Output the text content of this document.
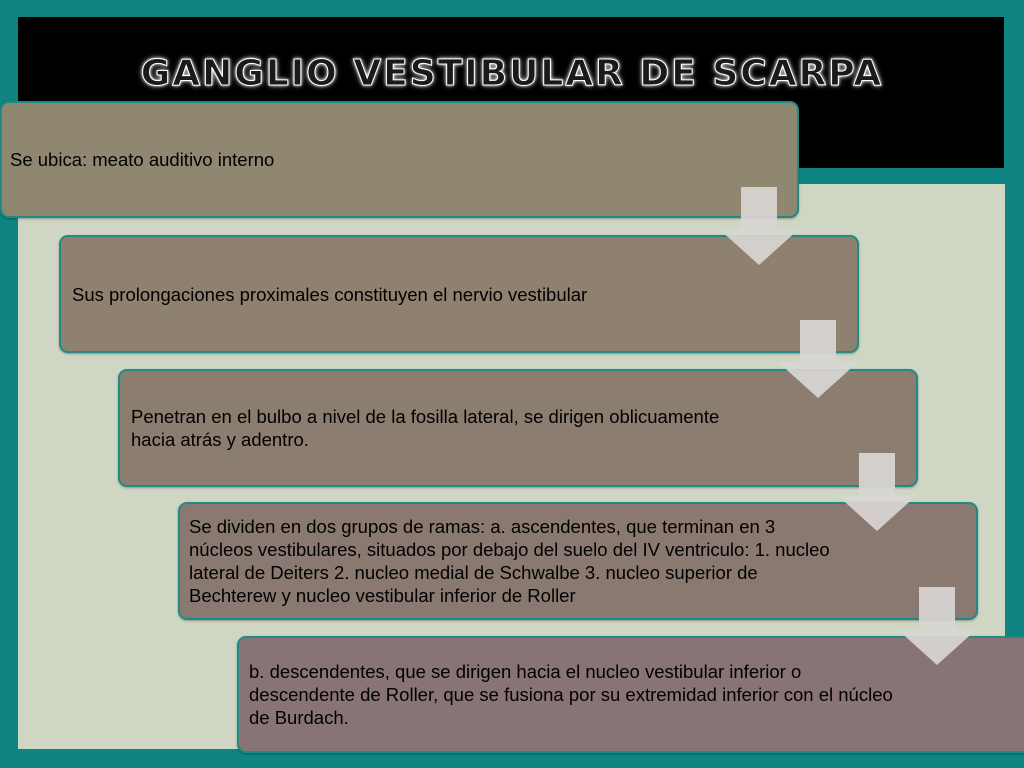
GANGLIO VESTIBULAR DE SCARPA
Se ubica: meato auditivo interno
Sus prolongaciones proximales constituyen el nervio vestibular
Penetran en el bulbo a nivel de la fosilla lateral, se dirigen oblicuamente hacia atrás y adentro.
Se dividen en dos grupos de ramas: a. ascendentes, que terminan en 3 núcleos vestibulares, situados por debajo del suelo del IV ventriculo: 1. nucleo lateral de Deiters 2. nucleo medial de Schwalbe 3. nucleo superior de Bechterew y nucleo vestibular inferior de Roller
b. descendentes, que se dirigen hacia el nucleo vestibular inferior o descendente de Roller, que se fusiona por su extremidad inferior con el núcleo de Burdach.
